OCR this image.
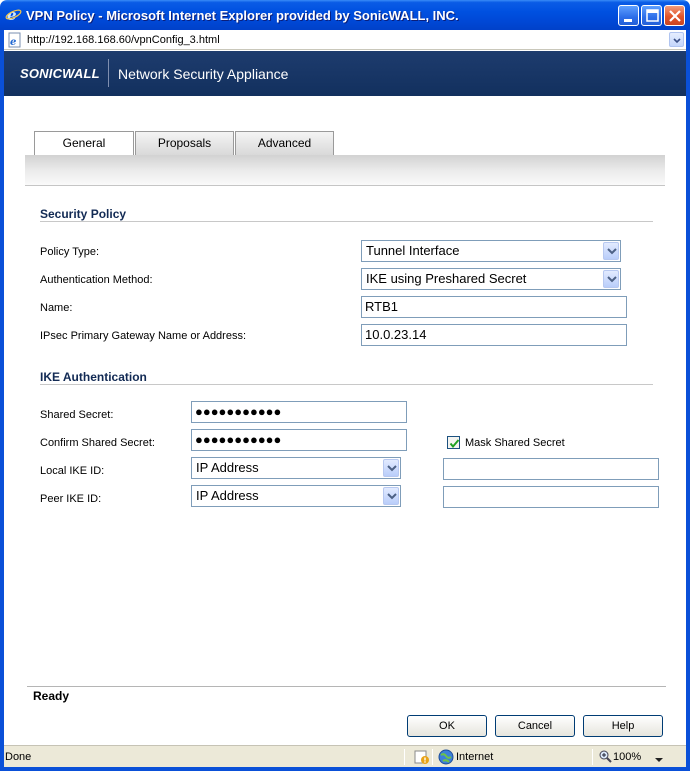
e VPN Policy - Microsoft Internet Explorer provided by SonicWALL, INC.
e http://192.168.168.60/vpnConfig_3.html
SONICWALL Network Security Appliance
General	Proposals	Advanced
Security Policy
Policy Type:	Tunnel Interface
Authentication Method:	IKE using Preshared Secret
Name:	RTB1
IPsec Primary Gateway Name or Address:	10.0.23.14
IKE Authentication
Shared Secret:	●●●●●●●●●●●
Confirm Shared Secret:	●●●●●●●●●●●	Mask Shared Secret
Local IKE ID:	IP Address
Peer IKE ID:	IP Address
Ready
OK	Cancel	Help
Done	Internet	100%
